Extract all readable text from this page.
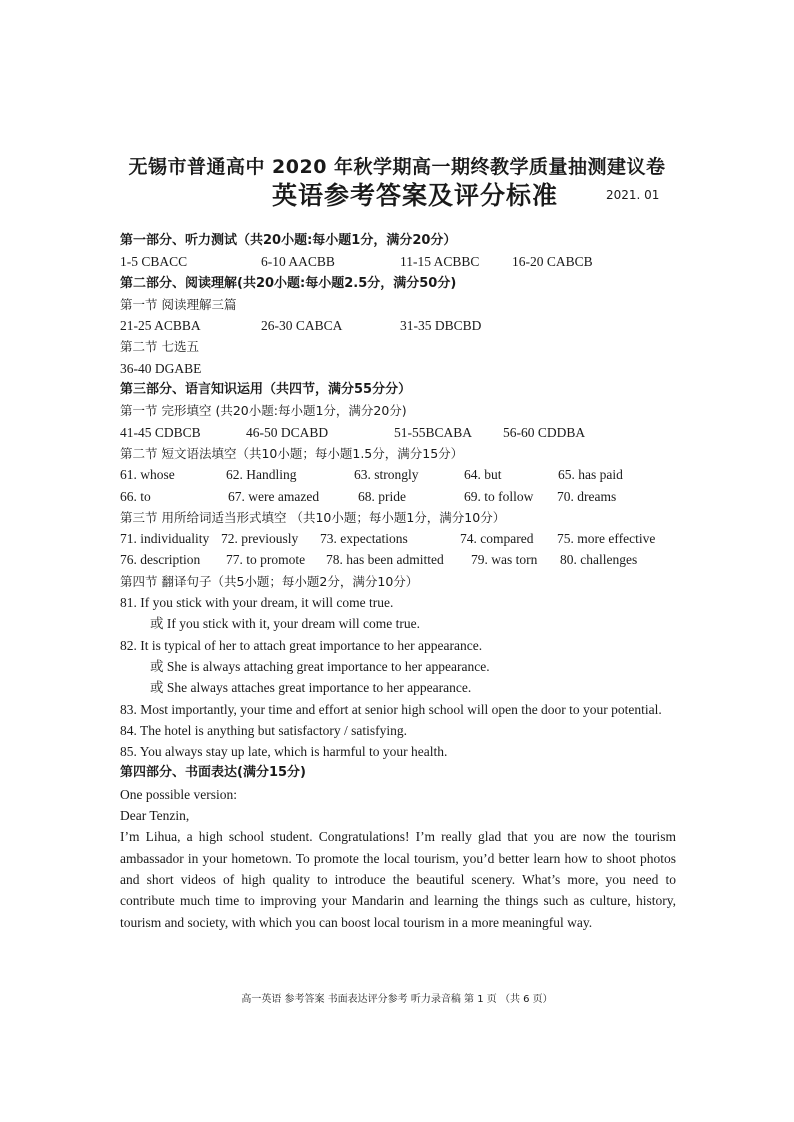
无锡市普通高中 2020 年秋学期高一期终教学质量抽测建议卷
英语参考答案及评分标准	2021. 01
第一部分、听力测试（共20小题:每小题1分，满分20分）
1-5 CBACC	6-10 AACBB	11-15 ACBBC 16-20 CABCB
第二部分、阅读理解(共20小题:每小题2.5分，满分50分)
第一节 阅读理解三篇
21-25 ACBBA	26-30 CABCA	31-35 DBCBD
第二节 七选五
36-40 DGABE
第三部分、语言知识运用（共四节，满分55分分）
第一节 完形填空 (共20小题:每小题1分，满分20分)
41-45 CDBCB	46-50 DCABD	51-55BCABA 56-60 CDDBA
第二节 短文语法填空（共10小题；每小题1.5分，满分15分）
61. whose	62. Handling	63. strongly	64. but	65. has paid
66. to	67. were amazed	68. pride	69. to follow 70. dreams
第三节 用所给词适当形式填空 （共10小题；每小题1分，满分10分）
71. individuality 72. previously 73. expectations	74. compared 75. more effective
76. description 77. to promote 78. has been admitted 79. was torn 80. challenges
第四节 翻译句子（共5小题；每小题2分，满分10分）
81. If you stick with your dream, it will come true.
或 If you stick with it, your dream will come true.
82. It is typical of her to attach great importance to her appearance.
或 She is always attaching great importance to her appearance.
或 She always attaches great importance to her appearance.
83. Most importantly, your time and effort at senior high school will open the door to your potential.
84. The hotel is anything but satisfactory / satisfying.
85. You always stay up late, which is harmful to your health.
第四部分、书面表达(满分15分)
One possible version:
Dear Tenzin,
I’m Lihua, a high school student. Congratulations! I’m really glad that you are now the tourism ambassador in your hometown. To promote the local tourism, you’d better learn how to shoot photos and short videos of high quality to introduce the beautiful scenery. What’s more, you need to contribute much time to improving your Mandarin and learning the things such as culture, history, tourism and society, with which you can boost local tourism in a more meaningful way.
高一英语 参考答案 书面表达评分参考 听力录音稿 第 1 页 （共 6 页）
